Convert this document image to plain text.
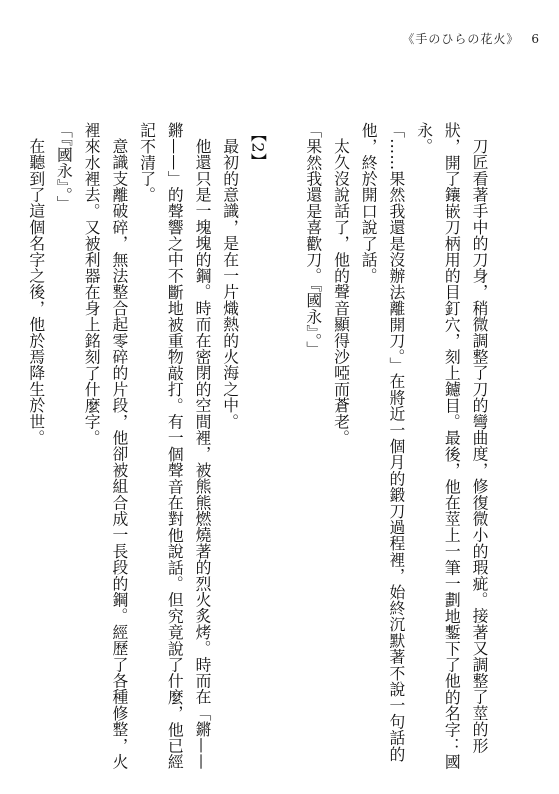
《手のひらの花火》 6

刀匠看著手中的刀身，稍微調整了刀的彎曲度，修復微小的瑕疵。接著又調整了莖的形狀，開了鑲嵌刀柄用的目釘穴，刻上鑢目。最後，他在莖上一筆一劃地鏨下了他的名字：國永。

「……果然我還是沒辦法離開刀。」在將近一個月的鍛刀過程裡，始終沉默著不說一句話的他，終於開口說了話。

太久沒說話了，他的聲音顯得沙啞而蒼老。

「果然我還是喜歡刀。『國永』。」

【2】

最初的意識，是在一片熾熱的火海之中。

他還只是一塊塊的鋼。時而在密閉的空間裡，被熊熊燃燒著的烈火炙烤。時而在「鏘——鏘——」的聲響之中不斷地被重物敲打。有一個聲音在對他說話。但究竟說了什麼，他已經記不清了。

意識支離破碎，無法整合起零碎的片段，他卻被組合成一長段的鋼。經歷了各種修整，火裡來水裡去。又被利器在身上銘刻了什麼字。

「『國永』。」

在聽到了這個名字之後，他於焉降生於世。
